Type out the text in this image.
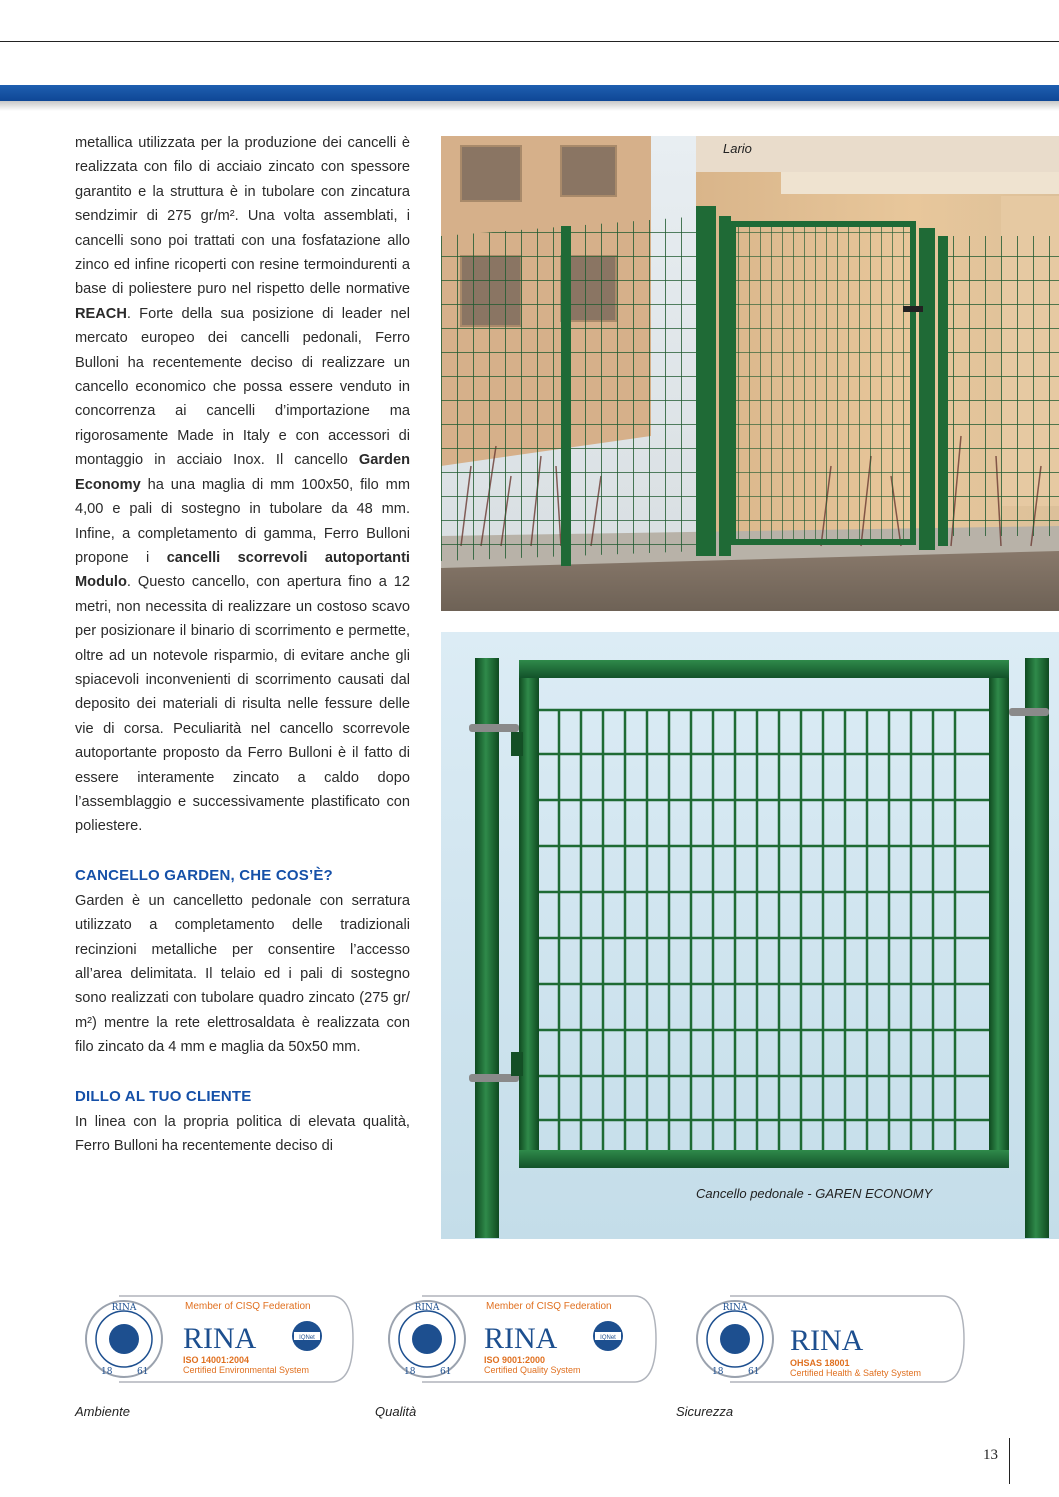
metallica utilizzata per la produzione dei cancelli è realizzata con filo di acciaio zincato con spessore garantito e la struttura è in tubolare con zincatura sendzimir di 275 gr/m². Una volta assemblati, i cancelli sono poi trattati con una fosfatazione allo zinco ed infine ricoperti con resine termoindurenti a base di poliestere puro nel rispetto delle normative REACH. Forte della sua posizione di leader nel mercato europeo dei cancelli pedonali, Ferro Bulloni ha recentemente deciso di realizzare un cancello economico che possa essere venduto in concorrenza ai cancelli d’importazione ma rigorosamente Made in Italy e con accessori di montaggio in acciaio Inox. Il cancello Garden Economy ha una maglia di mm 100x50, filo mm 4,00 e pali di sostegno in tubolare da 48 mm. Infine, a completamento di gamma, Ferro Bulloni propone i cancelli scorrevoli autoportanti Modulo. Questo cancello, con apertura fino a 12 metri, non necessita di realizzare un costoso scavo per posizionare il binario di scorrimento e permette, oltre ad un notevole risparmio, di evitare anche gli spiacevoli inconvenienti di scorrimento causati dal deposito dei materiali di risulta nelle fessure delle vie di corsa. Peculiarità nel cancello scorrevole autoportante proposto da Ferro Bulloni è il fatto di essere interamente zincato a caldo dopo l’assemblaggio e successivamente plastificato con poliestere.

CANCELLO GARDEN, CHE COS’È?

Garden è un cancelletto pedonale con serratura utilizzato a completamento delle tradizionali recinzioni metalliche per consentire l’accesso all’area delimitata. Il telaio ed i pali di sostegno sono realizzati con tubolare quadro zincato (275 gr/ m²) mentre la rete elettrosaldata è realizzata con filo zincato da 4 mm e maglia da 50x50 mm.

DILLO AL TUO CLIENTE

In linea con la propria politica di elevata qualità, Ferro Bulloni ha recentemente deciso di

Lario
Cancello pedonale - GAREN ECONOMY
RINA
18	61
Member of CISQ Federation
RINA	IQNet
ISO 14001:2004
Certified Environmental System
RINA
18	61
Member of CISQ Federation
RINA	IQNet
ISO 9001:2000
Certified Quality System
RINA
18	61
RINA
OHSAS 18001
Certified Health & Safety System
Ambiente	Qualità	Sicurezza
13
